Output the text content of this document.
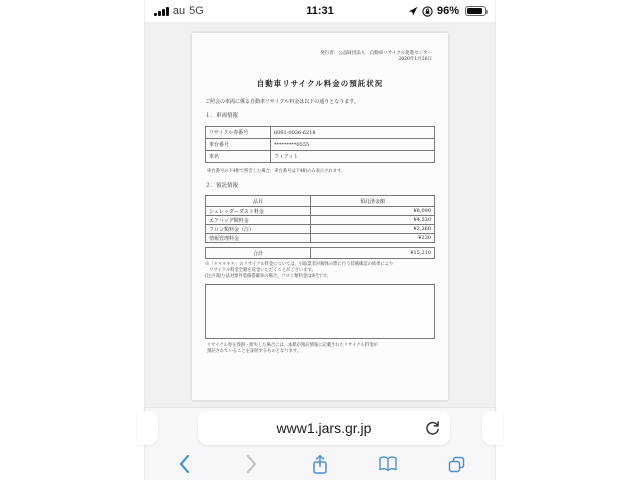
au 5G	11:31	96%
発行者：公益財団法人　自動車リサイクル促進センター
2020年1月26日
自動車リサイクル料金の預託状況
ご照会の車両に係る自動車リサイクル料金は以下の通りとなります。
１．車両情報
リサイクル券番号	6061-0036-6218
車台番号	*********0555
車名	フィアット
車台番号の下4桁で照会した場合、車台番号は下4桁のみ表示されます。
２．預託情報
品目	預託済金額
シュレッダーダスト料金	¥8,090
エアバッグ類料金	¥4,530
フロン類料金（注）	¥2,360
情報管理料金	¥230
合計	¥15,210
※「＊＊＊＊＊」のリサイクル料金については、引取業者が解体の際に行う装備確認の結果により
　リサイクル料金全額を返金いただくことがございます。
(注)引取り法対象外装備搭載車の場合、フロン類料金は0円です。
リサイクル券を毀損・紛失した場合には、本紙が預託情報に記載されたリサイクル料金が
預託されていることを証明するものとなります。
www1.jars.gr.jp
